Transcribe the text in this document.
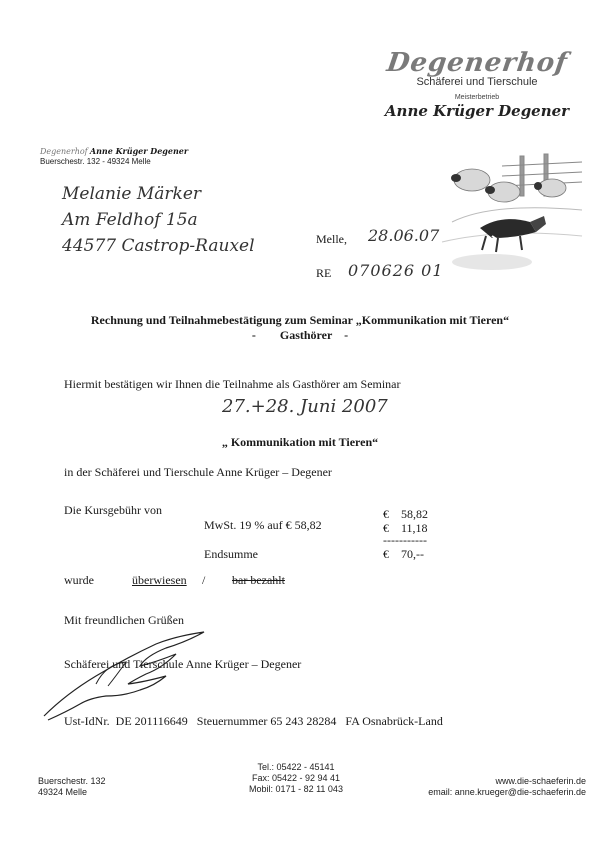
Degenerhof
Schäferei und Tierschule
Meisterbetrieb
Anne Krüger Degener
Degenerhof Anne Krüger Degener
Buerschestr. 132 - 49324 Melle
Melanie Märker
Am Feldhof 15a
44577 Castrop-Rauxel	Melle, 28.06.07
RE 070626 01
Rechnung und Teilnahmebestätigung zum Seminar „Kommunikation mit Tieren“
-        Gasthörer    -
Hiermit bestätigen wir Ihnen die Teilnahme als Gasthörer am Seminar
27.+28. Juni 2007
„ Kommunikation mit Tieren“
in der Schäferei und Tierschule Anne Krüger – Degener
Die Kursgebühr von
MwSt. 19 % auf € 58,82
Endsumme
€    58,82
€    11,18
-----------
€    70,--
wurde	überwiesen / bar bezahlt
Mit freundlichen Grüßen
Schäferei und Tierschule Anne Krüger – Degener
Ust-IdNr.  DE 201116649   Steuernummer 65 243 28284   FA Osnabrück-Land
Buerschestr. 132
49324 Melle
Tel.: 05422 - 45141
Fax: 05422 - 92 94 41
Mobil: 0171 - 82 11 043
www.die-schaeferin.de
email: anne.krueger@die-schaeferin.de
